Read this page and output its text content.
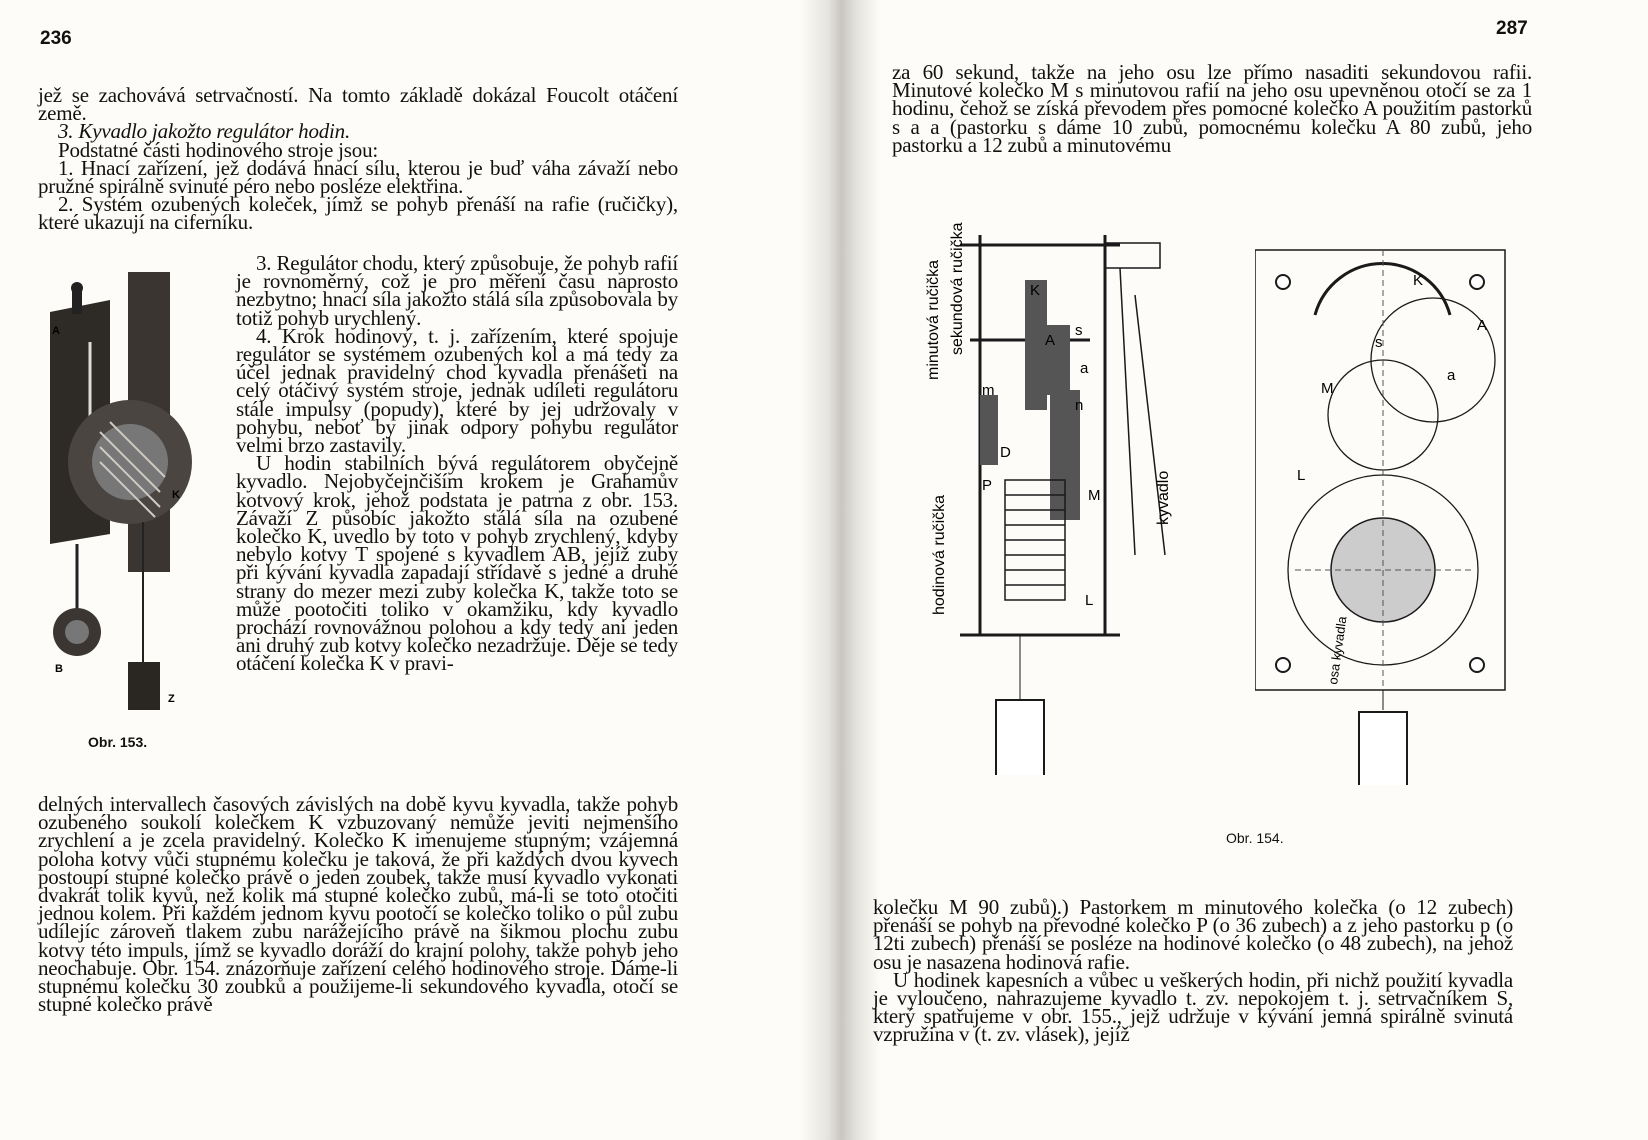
236

jež se zachovává setrvačností. Na tomto základě dokázal Foucolt otáčení země.

3. Kyvadlo jakožto regulátor hodin.

Podstatné části hodinového stroje jsou:

1. Hnací zařízení, jež dodává hnací sílu, kterou je buď váha závaží nebo pružné spirálně svinuté péro nebo posléze elektřina.

2. Systém ozubených koleček, jímž se pohyb přenáší na rafie (ručičky), které ukazují na ciferníku.

A
B
K
Z
Obr. 153.

3. Regulátor chodu, který způsobuje, že pohyb rafií je rovnoměrný, což je pro měření času naprosto nezbytno; hnací síla jakožto stálá síla způsobovala by totiž pohyb urychlený.

4. Krok hodinový, t. j. zařízením, které spojuje regulátor se systémem ozubených kol a má tedy za účel jednak pravidelný chod kyvadla přenášeti na celý otáčivý systém stroje, jednak udíleti regulátoru stále impulsy (popudy), které by jej udržovaly v pohybu, neboť by jinak odpory pohybu regulátor velmi brzo zastavily.

U hodin stabilních bývá regulátorem obyčejně kyvadlo. Nejobyčejnčiším krokem je Grahamův kotvový krok, jehož podstata je patrna z obr. 153. Závaží Z působíc jakožto stálá síla na ozubené kolečko K, uvedlo by toto v pohyb zrychlený, kdyby nebylo kotvy T spojené s kyvadlem AB, jejíž zuby při kývání kyvadla zapadají střídavě s jedné a druhé strany do mezer mezi zuby kolečka K, takže toto se může pootočiti toliko v okamžiku, kdy kyvadlo prochází rovnovážnou polohou a kdy tedy ani jeden ani druhý zub kotvy kolečko nezadržuje. Děje se tedy otáčení kolečka K v pravi-

delných intervallech časových závislých na době kyvu kyvadla, takže pohyb ozubeného soukolí kolečkem K vzbuzovaný nemůže jeviti nejmenšího zrychlení a je zcela pravidelný. Kolečko K imenujeme stupným; vzájemná poloha kotvy vůči stupnému kolečku je taková, že při každých dvou kyvech postoupí stupné kolečko právě o jeden zoubek, takže musí kyvadlo vykonati dvakrát tolik kyvů, než kolik má stupné kolečko zubů, má-li se toto otočiti jednou kolem. Při každém jednom kyvu pootočí se kolečko toliko o půl zubu udílejíc zároveň tlakem zubu narážejícího právě na šikmou plochu zubu kotvy této impuls, jímž se kyvadlo doráží do krajní polohy, takže pohyb jeho neochabuje. Obr. 154. znázorňuje zařízení celého hodinového stroje. Dáme-li stupnému kolečku 30 zoubků a použijeme-li sekundového kyvadla, otočí se stupné kolečko právě

287

za 60 sekund, takže na jeho osu lze přímo nasaditi sekundovou rafii. Minutové kolečko M s minutovou rafií na jeho osu upevněnou otočí se za 1 hodinu, čehož se získá převodem přes pomocné kolečko A použitím pastorků s a a (pastorku s dáme 10 zubů, pomocnému kolečku A 80 zubů, jeho pastorku a 12 zubů a minutovému

minutová ručička sekundová ručička
hodinová ručička	kyvadlo
K
A
s
a
m
n
D
P
M
L
K
A
s
a
M
L
osa kyvadla
Obr. 154.

kolečku M 90 zubů).) Pastorkem m minutového kolečka (o 12 zubech) přenáší se pohyb na převodné kolečko P (o 36 zubech) a z jeho pastorku p (o 12ti zubech) přenáší se posléze na hodinové kolečko (o 48 zubech), na jehož osu je nasazena hodinová rafie.

U hodinek kapesních a vůbec u veškerých hodin, při nichž použití kyvadla je vyloučeno, nahrazujeme kyvadlo t. zv. nepokojem t. j. setrvačníkem S, který spatřujeme v obr. 155., jejž udržuje v kývání jemná spirálně svinutá vzpružina v (t. zv. vlásek), jejíž
